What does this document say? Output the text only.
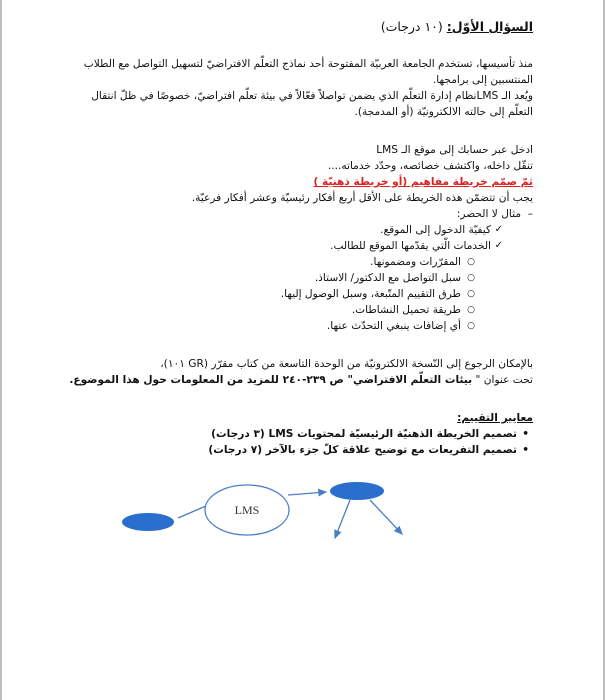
السؤال الأوّل: (١٠ درجات)

منذ تأسيسها، تستخدم الجامعة العربيّة المفتوحة أحد نماذج التعلّم الافتراضيّ لتسهيل التواصل مع الطلاب

المنتسبين إلى برامجها.

ويُعد الـ LMSنظام إدارة التعلّم الذي يضمن تواصلاً فعّالاً في بيئة تعلّم افتراضيّ، خصوصًا في ظلّ انتقال

التعلّم إلى حالته الالكترونيّة (أو المدمجة).

ادخل عبر حسابك إلى موقع الـ LMS

تنقّل داخله، واكتشف خصائصه، وحدّد خدماته....

ثمّ صمّم خريطة مفاهيم (أو خريطة ذهنيّة )

يجب أن تتضمّن هذه الخريطة على الأقل أربع أفكار رئيسيّة وعشر أفكار فرعيّة.

– مثال لا الحصر:
✓ كيفيّة الدخول إلى الموقع.
✓ الخدمات الّتي يقدّمها الموقع للطالب.
○ المقرّرات ومضمونها.
○ سبل التواصل مع الدكتور/ الاستاذ.
○ طرق التقييم المتّبعة، وسبل الوصول إليها.
○ طريقة تحميل النشاطات.
○ أي إضافات ينبغي التحدّث عنها.

بالإمكان الرجوع إلى النّسخة الالكترونيّة من الوحدة التاسعة من كتاب مقرّر (GR ١٠١)،

تحت عنوان " بيئات التعلّم الافتراضي" ص ٢٣٩-٢٤٠ للمزيد من المعلومات حول هذا الموضوع.

معايير التقييم:

• تصميم الخريطة الذهنيّة الرئيسيّة لمحتويات LMS (٣ درجات)
• تصميم التفريعات مع توضيح علاقة كلّ جزء بالآخر (٧ درجات)
LMS
